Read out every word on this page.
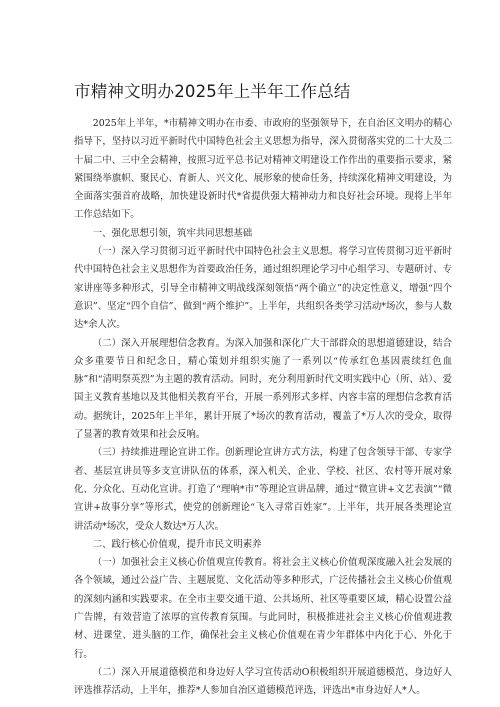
市精神文明办2025年上半年工作总结

2025年上半年，*市精神文明办在市委、市政府的坚强领导下，在自治区文明办的精心指导下，坚持以习近平新时代中国特色社会主义思想为指导，深入贯彻落实党的二十大及二十届二中、三中全会精神，按照习近平总书记对精神文明建设工作作出的重要指示要求，紧紧围绕举旗帜、聚民心、育新人、兴文化、展形象的使命任务，持续深化精神文明建设，为全面落实强首府战略，加快建设新时代*省提供强大精神动力和良好社会环境。现将上半年工作总结如下。

一、强化思想引领，筑牢共同思想基础

（一）深入学习贯彻习近平新时代中国特色社会主义思想。将学习宣传贯彻习近平新时代中国特色社会主义思想作为首要政治任务，通过组织理论学习中心组学习、专题研讨、专家讲座等多种形式，引导全市精神文明战线深刻领悟“两个确立”的决定性意义，增强“四个意识”、坚定“四个自信”、做到“两个维护”。上半年，共组织各类学习活动*场次，参与人数达*余人次。

（二）深入开展理想信念教育。为深入加强和深化广大干部群众的思想道德建设，结合众多重要节日和纪念日，精心策划并组织实施了一系列以“传承红色基因震续红色血脉”和“清明祭英烈”为主题的教育活动。同时，充分利用新时代文明实践中心（所、站）、爱国主义教育基地以及其他相关教育平台，开展一系列形式多样、内容丰富的理想信念教育活动。据统计，2025年上半年，累计开展了*场次的教育活动，覆盖了*万人次的受众，取得了显著的教育效果和社会反响。

（三）持续推进理论宣讲工作。创新理论宣讲方式方法，构建了包含领导干部、专家学者、基层宣讲员等多支宣讲队伍的体系，深入机关、企业、学校、社区、农村等开展对象化、分众化、互动化宣讲。打造了“理响*市”等理论宣讲品牌，通过“微宣讲+文艺表演”“微宣讲+故事分享”等形式，使党的创新理论“飞入寻常百姓家”。上半年，共开展各类理论宣讲活动*场次，受众人数达*万人次。

二、践行核心价值观，提升市民文明素养

（一）加强社会主义核心价值观宣传教育。将社会主义核心价值观深度融入社会发展的各个领域，通过公益广告、主题展览、文化活动等多种形式，广泛传播社会主义核心价值观的深刻内涵和实践要求。在全市主要交通干道、公共场所、社区等重要区域，精心设置公益广告牌，有效营造了浓厚的宣传教育氛围。与此同时，积极推进社会主义核心价值观进教材、进课堂、进头脑的工作，确保社会主义核心价值观在青少年群体中内化于心、外化于行。

（二）深入开展道德模范和身边好人学习宣传活动O积极组织开展道德模范、身边好人评选推荐活动，上半年，推荐*人参加自治区道德模范评选，评选出*市身边好人*人。
